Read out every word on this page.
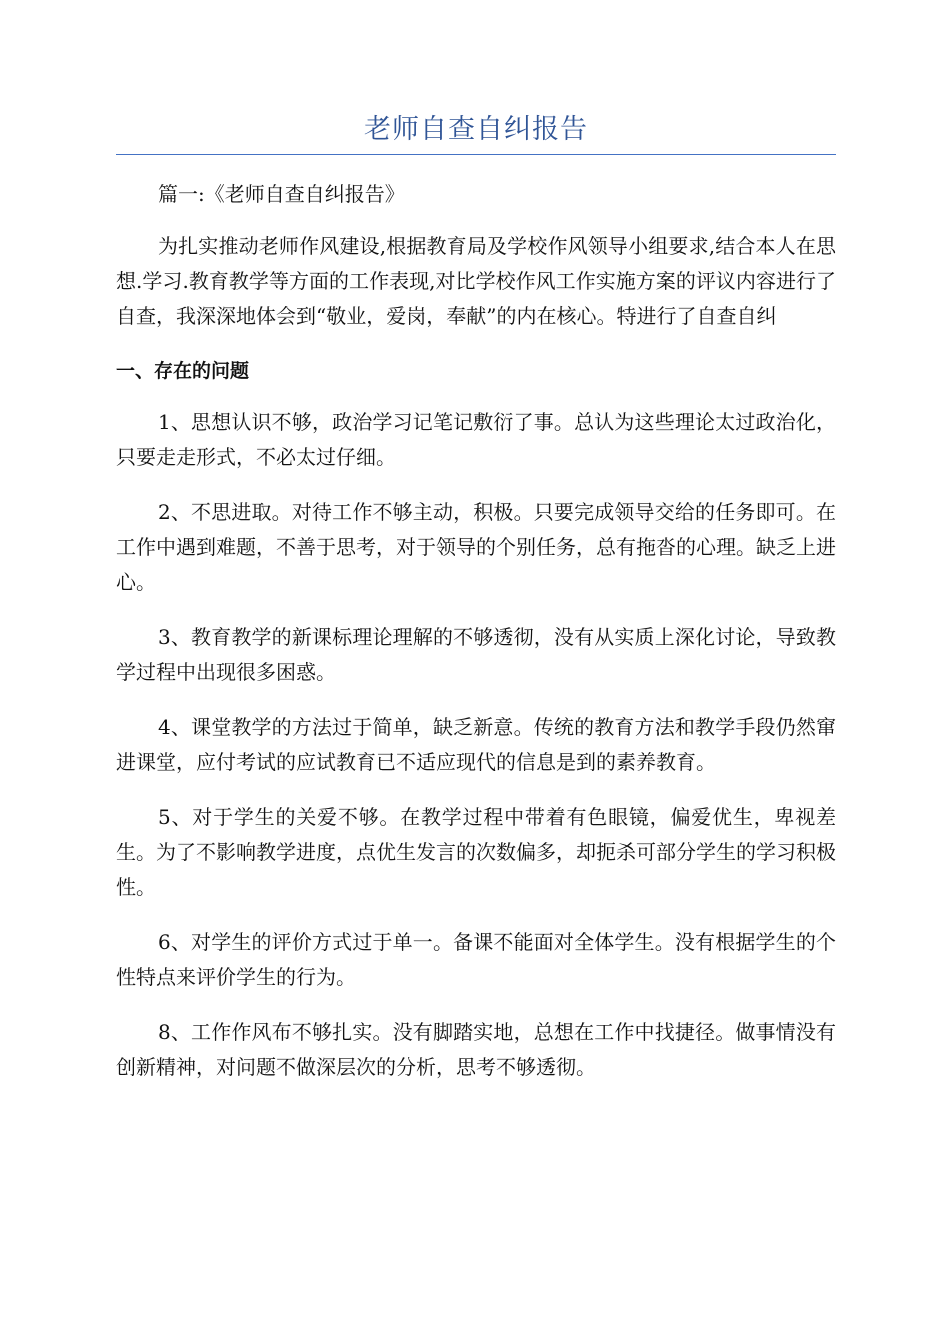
老师自查自纠报告

篇一:《老师自查自纠报告》

为扎实推动老师作风建设,根据教育局及学校作风领导小组要求,结合本人在思想.学习.教育教学等方面的工作表现,对比学校作风工作实施方案的评议内容进行了自查，我深深地体会到“敬业，爱岗，奉献”的内在核心。特进行了自查自纠

一、存在的问题

1、思想认识不够，政治学习记笔记敷衍了事。总认为这些理论太过政治化，只要走走形式，不必太过仔细。

2、不思进取。对待工作不够主动，积极。只要完成领导交给的任务即可。在工作中遇到难题，不善于思考，对于领导的个别任务，总有拖沓的心理。缺乏上进心。

3、教育教学的新课标理论理解的不够透彻，没有从实质上深化讨论，导致教学过程中出现很多困惑。

4、课堂教学的方法过于简单，缺乏新意。传统的教育方法和教学手段仍然窜进课堂，应付考试的应试教育已不适应现代的信息是到的素养教育。

5、对于学生的关爱不够。在教学过程中带着有色眼镜，偏爱优生，卑视差生。为了不影响教学进度，点优生发言的次数偏多，却扼杀可部分学生的学习积极性。

6、对学生的评价方式过于单一。备课不能面对全体学生。没有根据学生的个性特点来评价学生的行为。

8、工作作风布不够扎实。没有脚踏实地，总想在工作中找捷径。做事情没有创新精神，对问题不做深层次的分析，思考不够透彻。
